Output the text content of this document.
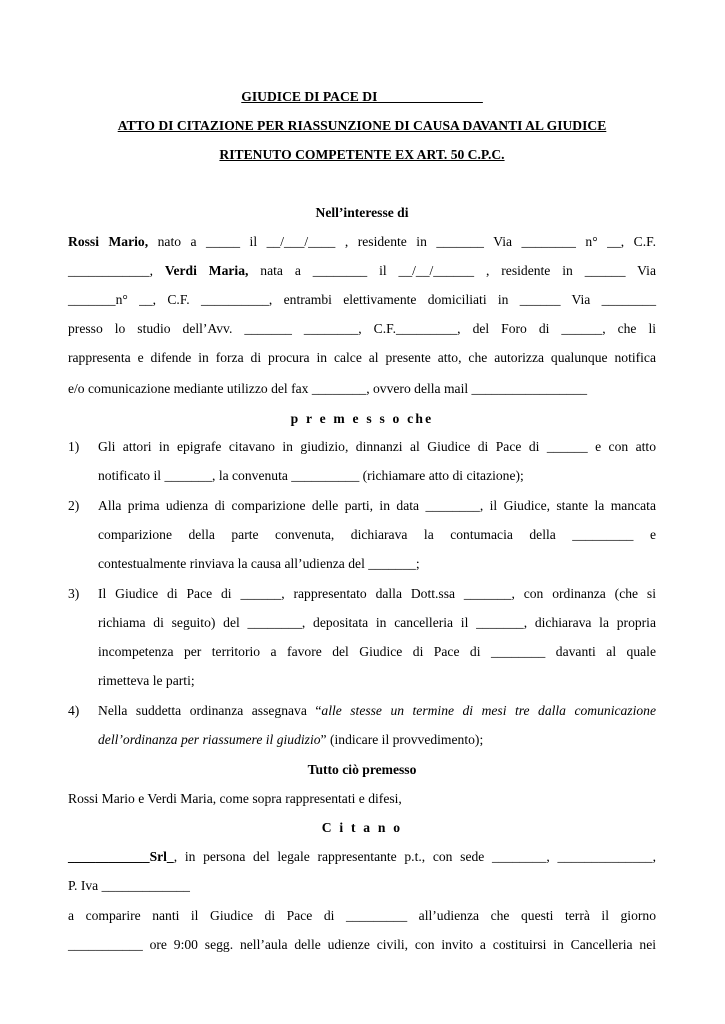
GIUDICE DI PACE DI _______________
ATTO DI CITAZIONE PER RIASSUNZIONE DI CAUSA DAVANTI AL GIUDICE
RITENUTO COMPETENTE EX ART. 50 C.P.C.
Nell’interesse di
Rossi Mario, nato a _____ il __/___/____ , residente in _______ Via ________ n° __, C.F.
____________, Verdi Maria, nata a ________ il __/__/______ , residente in ______ Via
_______n° __, C.F. __________, entrambi elettivamente domiciliati in ______ Via ________
presso lo studio dell’Avv. _______ ________, C.F._________, del Foro di ______, che li
rappresenta e difende in forza di procura in calce al presente atto, che autorizza qualunque notifica
e/o comunicazione mediante utilizzo del fax ________, ovvero della mail _________________
p r e m e s s o che
1) Gli attori in epigrafe citavano in giudizio, dinnanzi al Giudice di Pace di ______ e con atto
notificato il _______, la convenuta __________ (richiamare atto di citazione);
2) Alla prima udienza di comparizione delle parti, in data ________, il Giudice, stante la mancata
comparizione della parte convenuta, dichiarava la contumacia della _________ e
contestualmente rinviava la causa all’udienza del _______;
3) Il Giudice di Pace di ______, rappresentato dalla Dott.ssa _______, con ordinanza (che si
richiama di seguito) del ________, depositata in cancelleria il _______, dichiarava la propria
incompetenza per territorio a favore del Giudice di Pace di ________ davanti al quale
rimetteva le parti;
4) Nella suddetta ordinanza assegnava “alle stesse un termine di mesi tre dalla comunicazione
dell’ordinanza per riassumere il giudizio” (indicare il provvedimento);
Tutto ciò premesso
Rossi Mario e Verdi Maria, come sopra rappresentati e difesi,
C i t a n o
____________Srl_, in persona del legale rappresentante p.t., con sede ________, ______________,
P. Iva _____________
a comparire nanti il Giudice di Pace di _________ all’udienza che questi terrà il giorno
___________ ore 9:00 segg. nell’aula delle udienze civili, con invito a costituirsi in Cancelleria nei
